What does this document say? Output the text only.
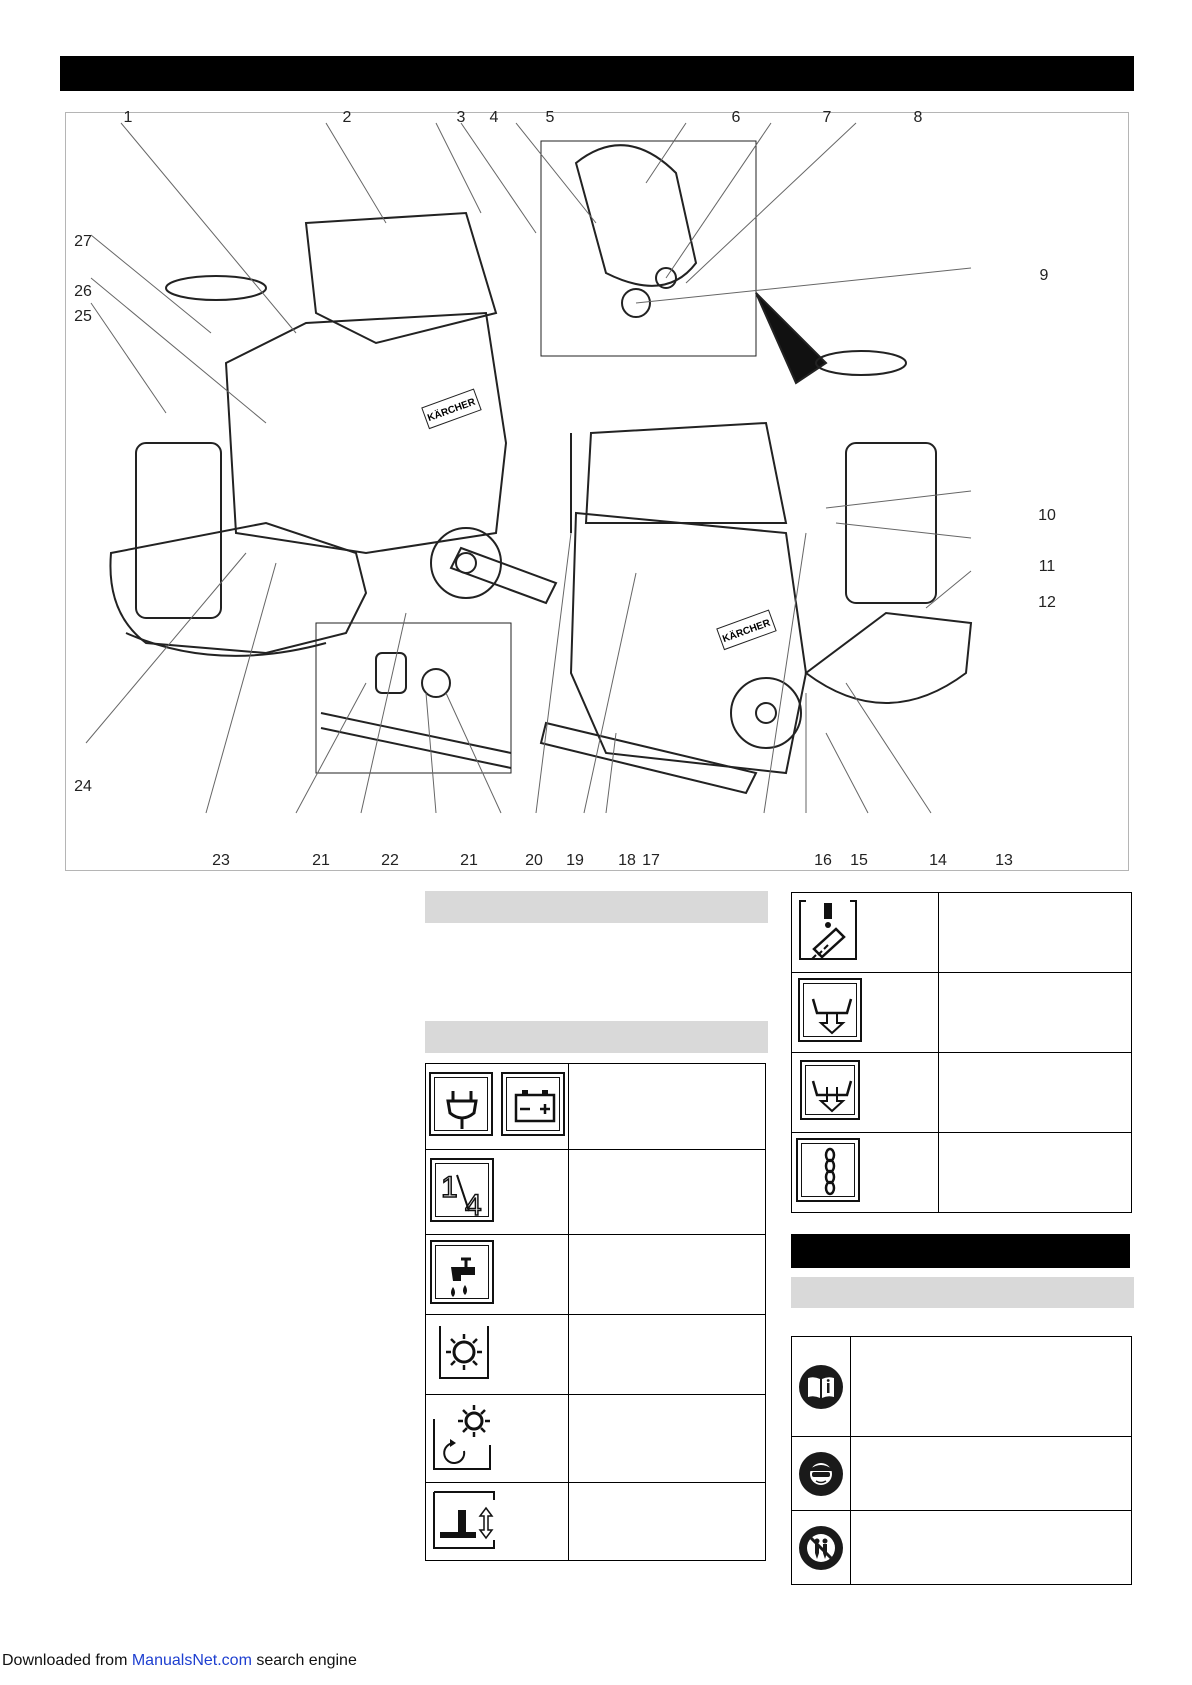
KÄRCHER
KÄRCHER
1	2	3 4	5	6	7	8
9
10
11
12
13
14
15
16
17
18
19
20
21
21	22
23
24
25
26
27

1
4	

Downloaded from ManualsNet.com search engine
